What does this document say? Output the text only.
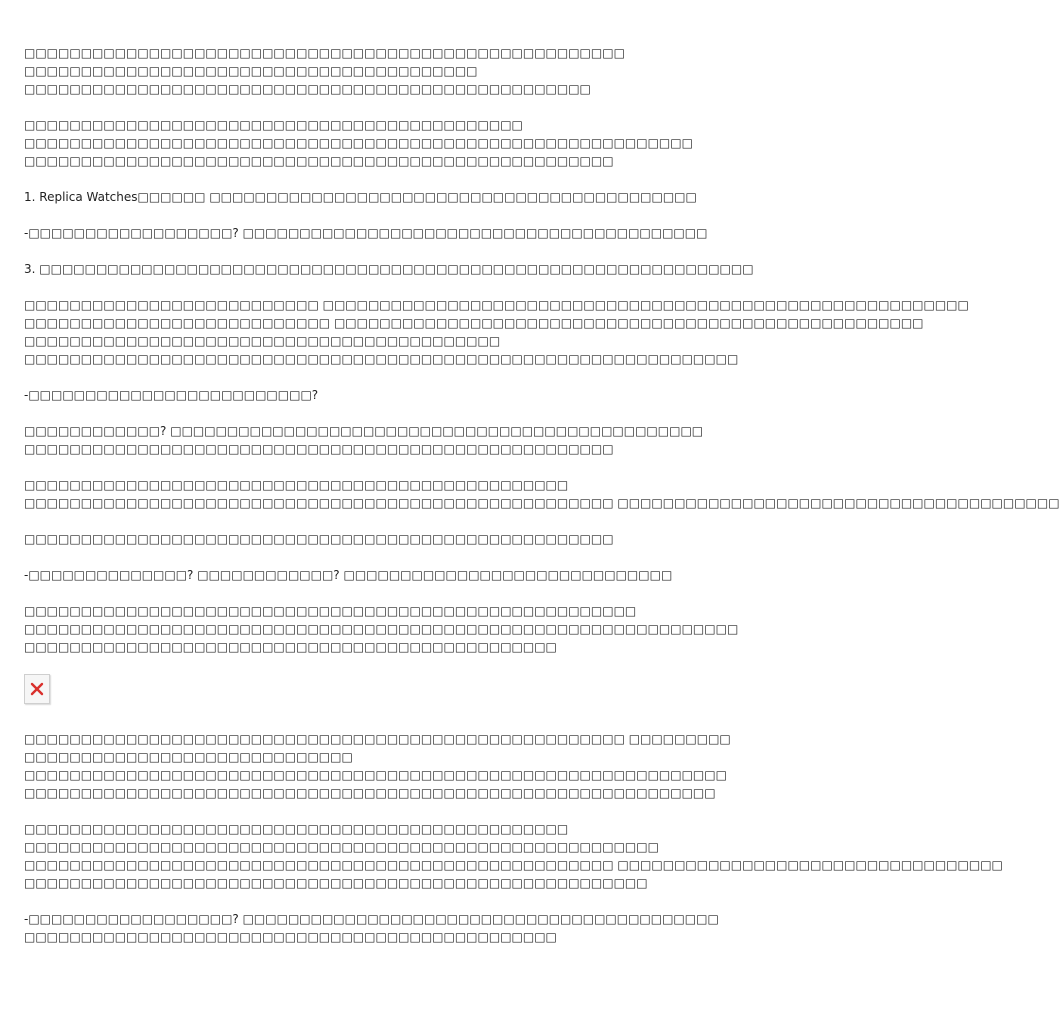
□□□□□□□□□□□□□□□□□□□□□□□□□□□□□□□□□□□□□□□□□□□□□□□□□□□□□
□□□□□□□□□□□□□□□□□□□□□□□□□□□□□□□□□□□□□□□□
□□□□□□□□□□□□□□□□□□□□□□□□□□□□□□□□□□□□□□□□□□□□□□□□□□

□□□□□□□□□□□□□□□□□□□□□□□□□□□□□□□□□□□□□□□□□□□□
□□□□□□□□□□□□□□□□□□□□□□□□□□□□□□□□□□□□□□□□□□□□□□□□□□□□□□□□□□□
□□□□□□□□□□□□□□□□□□□□□□□□□□□□□□□□□□□□□□□□□□□□□□□□□□□□

1. Replica Watches□□□□□□ □□□□□□□□□□□□□□□□□□□□□□□□□□□□□□□□□□□□□□□□□□□

-□□□□□□□□□□□□□□□□□□? □□□□□□□□□□□□□□□□□□□□□□□□□□□□□□□□□□□□□□□□□

3. □□□□□□□□□□□□□□□□□□□□□□□□□□□□□□□□□□□□□□□□□□□□□□□□□□□□□□□□□□□□□□□

□□□□□□□□□□□□□□□□□□□□□□□□□□ □□□□□□□□□□□□□□□□□□□□□□□□□□□□□□□□□□□□□□□□□□□□□□□□□□□□□□□□□
□□□□□□□□□□□□□□□□□□□□□□□□□□□ □□□□□□□□□□□□□□□□□□□□□□□□□□□□□□□□□□□□□□□□□□□□□□□□□□□□
□□□□□□□□□□□□□□□□□□□□□□□□□□□□□□□□□□□□□□□□□□
□□□□□□□□□□□□□□□□□□□□□□□□□□□□□□□□□□□□□□□□□□□□□□□□□□□□□□□□□□□□□□□

-□□□□□□□□□□□□□□□□□□□□□□□□□?

□□□□□□□□□□□□? □□□□□□□□□□□□□□□□□□□□□□□□□□□□□□□□□□□□□□□□□□□□□□□
□□□□□□□□□□□□□□□□□□□□□□□□□□□□□□□□□□□□□□□□□□□□□□□□□□□□

□□□□□□□□□□□□□□□□□□□□□□□□□□□□□□□□□□□□□□□□□□□□□□□□
□□□□□□□□□□□□□□□□□□□□□□□□□□□□□□□□□□□□□□□□□□□□□□□□□□□□ □□□□□□□□□□□□□□□□□□□□□□□□□□□□□□□□□□□□□□□

□□□□□□□□□□□□□□□□□□□□□□□□□□□□□□□□□□□□□□□□□□□□□□□□□□□□

-□□□□□□□□□□□□□□? □□□□□□□□□□□□? □□□□□□□□□□□□□□□□□□□□□□□□□□□□□

□□□□□□□□□□□□□□□□□□□□□□□□□□□□□□□□□□□□□□□□□□□□□□□□□□□□□□
□□□□□□□□□□□□□□□□□□□□□□□□□□□□□□□□□□□□□□□□□□□□□□□□□□□□□□□□□□□□□□□
□□□□□□□□□□□□□□□□□□□□□□□□□□□□□□□□□□□□□□□□□□□□□□□

□□□□□□□□□□□□□□□□□□□□□□□□□□□□□□□□□□□□□□□□□□□□□□□□□□□□□ □□□□□□□□□
□□□□□□□□□□□□□□□□□□□□□□□□□□□□□
□□□□□□□□□□□□□□□□□□□□□□□□□□□□□□□□□□□□□□□□□□□□□□□□□□□□□□□□□□□□□□
□□□□□□□□□□□□□□□□□□□□□□□□□□□□□□□□□□□□□□□□□□□□□□□□□□□□□□□□□□□□□

□□□□□□□□□□□□□□□□□□□□□□□□□□□□□□□□□□□□□□□□□□□□□□□□
□□□□□□□□□□□□□□□□□□□□□□□□□□□□□□□□□□□□□□□□□□□□□□□□□□□□□□□□
□□□□□□□□□□□□□□□□□□□□□□□□□□□□□□□□□□□□□□□□□□□□□□□□□□□□ □□□□□□□□□□□□□□□□□□□□□□□□□□□□□□□□□□
□□□□□□□□□□□□□□□□□□□□□□□□□□□□□□□□□□□□□□□□□□□□□□□□□□□□□□□

-□□□□□□□□□□□□□□□□□□? □□□□□□□□□□□□□□□□□□□□□□□□□□□□□□□□□□□□□□□□□□
□□□□□□□□□□□□□□□□□□□□□□□□□□□□□□□□□□□□□□□□□□□□□□□
